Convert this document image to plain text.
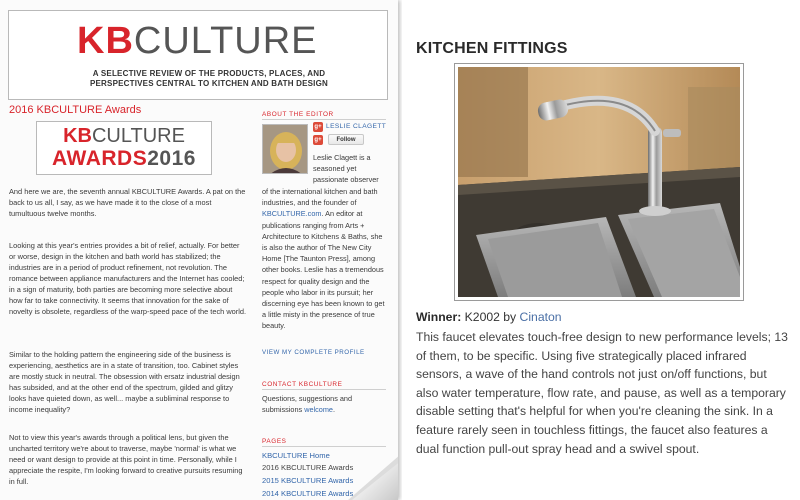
KBCULTURE
A SELECTIVE REVIEW OF THE PRODUCTS, PLACES, AND PERSPECTIVES CENTRAL TO KITCHEN AND BATH DESIGN
2016 KBCULTURE Awards
KBCULTURE
AWARDS2016

And here we are, the seventh annual KBCULTURE Awards. A pat on the back to us all, I say, as we have made it to the close of a most tumultuous twelve months.

Looking at this year's entries provides a bit of relief, actually. For better or worse, design in the kitchen and bath world has stabilized; the industries are in a period of product refinement, not revolution. The romance between appliance manufacturers and the Internet has cooled; in a sign of maturity, both parties are becoming more selective about how far to take connectivity. It seems that innovation for the sake of novelty is obsolete, regardless of the warp-speed pace of the tech world.

Similar to the holding pattern the engineering side of the business is experiencing, aesthetics are in a state of transition, too. Cabinet styles are mostly stuck in neutral. The obsession with ersatz industrial design has subsided, and at the other end of the spectrum, gilded and glitzy looks have quieted down, as well... maybe a subliminal response to income inequality?

Not to view this year's awards through a political lens, but given the uncharted territory we're about to traverse, maybe 'normal' is what we need or want design to provide at this point in time. Personally, while I appreciate the respite, I'm looking forward to creative pursuits resuming in full.

ABOUT THE EDITOR
g+ LESLIE CLAGETT
g+	Follow
Leslie Clagett is a
seasoned yet
passionate observer
of the international kitchen and bath industries, and the founder of KBCULTURE.com. An editor at publications ranging from Arts + Architecture to Kitchens & Baths, she is also the author of The New City Home [The Taunton Press], among other books. Leslie has a tremendous respect for quality design and the people who labor in its pursuit; her discerning eye has been known to get a little misty in the presence of true beauty.
VIEW MY COMPLETE PROFILE
CONTACT KBCULTURE
Questions, suggestions and submissions welcome.
PAGES
KBCULTURE Home
2016 KBCULTURE Awards
2015 KBCULTURE Awards
2014 KBCULTURE Awards
KITCHEN FITTINGS
Winner: K2002 by Cinaton

This faucet elevates touch-free design to new performance levels; 13 of them, to be specific. Using five strategically placed infrared sensors, a wave of the hand controls not just on/off functions, but also water temperature, flow rate, and pause, as well as a temporary disable setting that's helpful for when you're cleaning the sink. In a feature rarely seen in touchless fittings, the faucet also features a dual function pull-out spray head and a swivel spout.
